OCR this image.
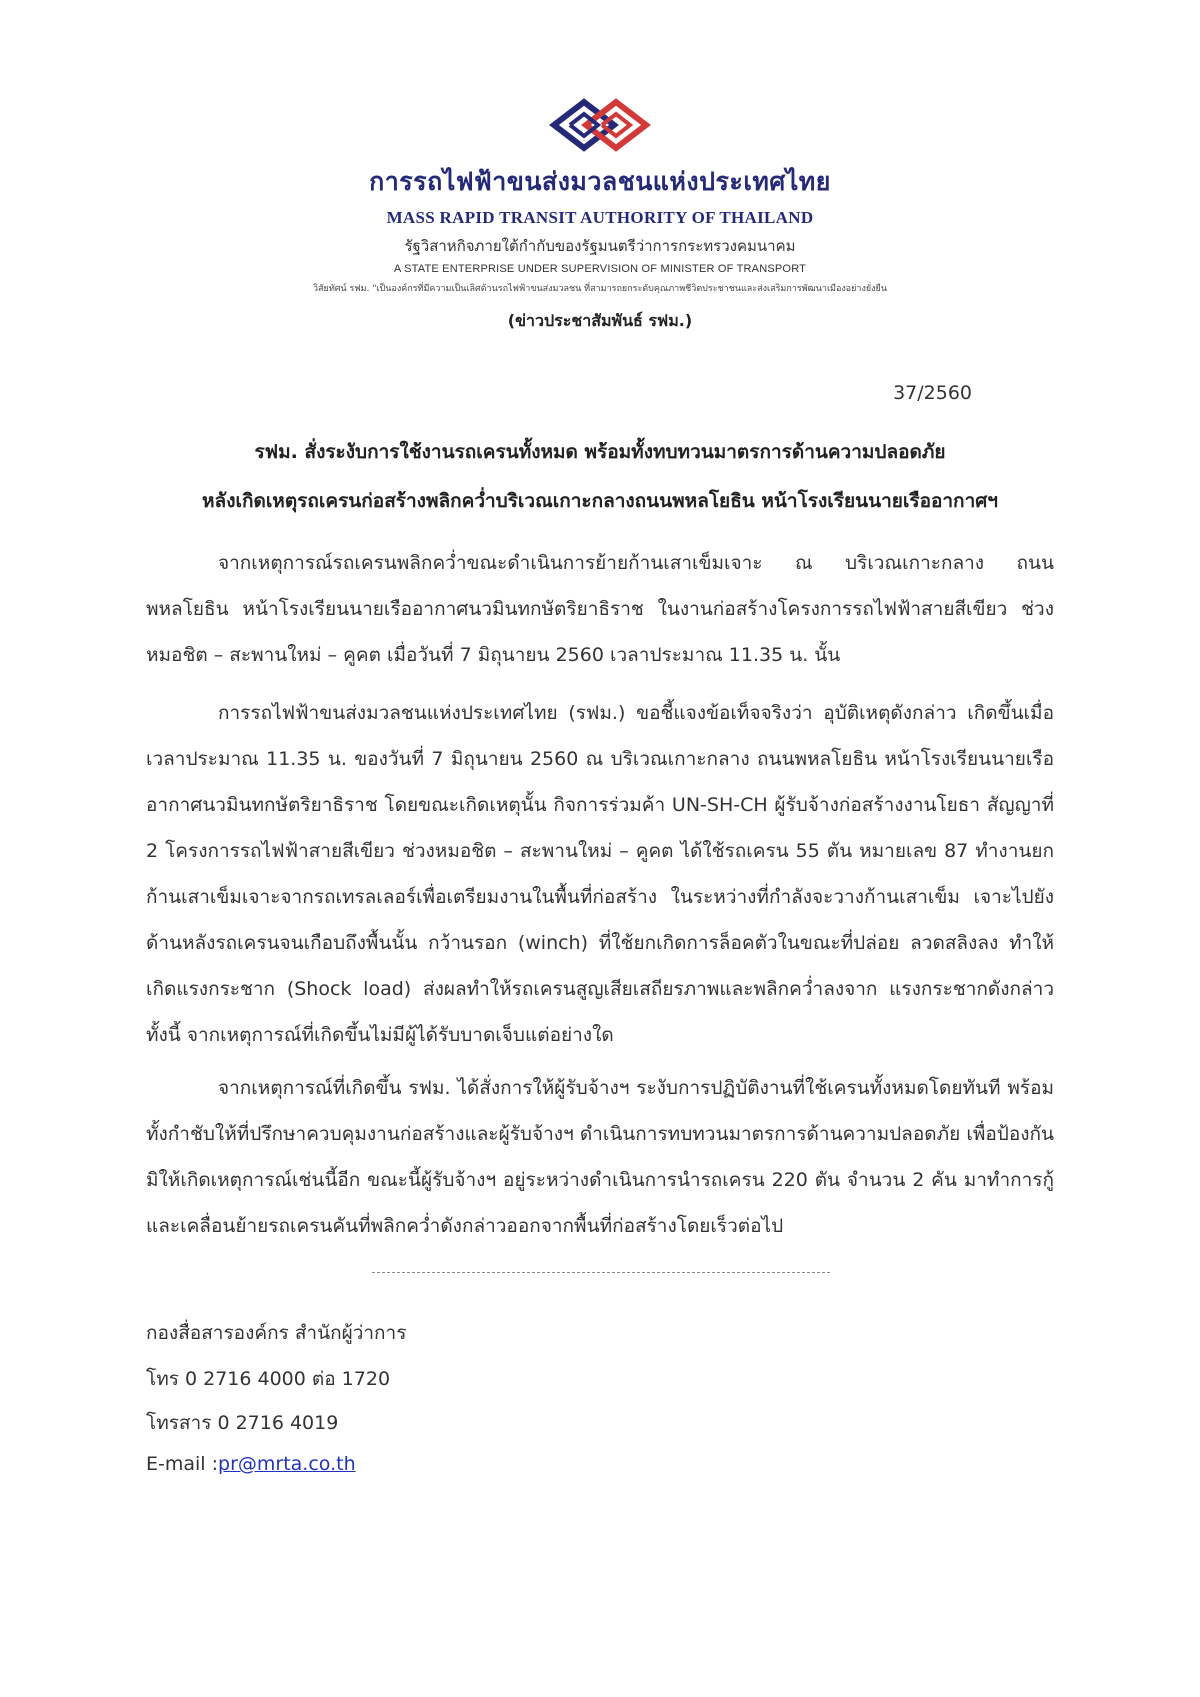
การรถไฟฟ้าขนส่งมวลชนแห่งประเทศไทย
MASS RAPID TRANSIT AUTHORITY OF THAILAND
รัฐวิสาหกิจภายใต้กำกับของรัฐมนตรีว่าการกระทรวงคมนาคม
A STATE ENTERPRISE UNDER SUPERVISION OF MINISTER OF TRANSPORT
วิสัยทัศน์ รฟม. "เป็นองค์กรที่มีความเป็นเลิศด้านรถไฟฟ้าขนส่งมวลชน ที่สามารถยกระดับคุณภาพชีวิตประชาชนและส่งเสริมการพัฒนาเมืองอย่างยั่งยืน
(ข่าวประชาสัมพันธ์ รฟม.)
37/2560
รฟม. สั่งระงับการใช้งานรถเครนทั้งหมด พร้อมทั้งทบทวนมาตรการด้านความปลอดภัย
หลังเกิดเหตุรถเครนก่อสร้างพลิกคว่ำบริเวณเกาะกลางถนนพหลโยธิน หน้าโรงเรียนนายเรืออากาศฯ

จากเหตุการณ์รถเครนพลิกคว่ำขณะดำเนินการย้ายก้านเสาเข็มเจาะ ณ บริเวณเกาะกลาง ถนนพหลโยธิน หน้าโรงเรียนนายเรืออากาศนวมินทกษัตริยาธิราช ในงานก่อสร้างโครงการรถไฟฟ้าสายสีเขียว ช่วงหมอชิต – สะพานใหม่ – คูคต เมื่อวันที่ 7 มิถุนายน 2560 เวลาประมาณ 11.35 น. นั้น

การรถไฟฟ้าขนส่งมวลชนแห่งประเทศไทย (รฟม.) ขอชี้แจงข้อเท็จจริงว่า อุบัติเหตุดังกล่าว เกิดขึ้นเมื่อ เวลาประมาณ 11.35 น. ของวันที่ 7 มิถุนายน 2560 ณ บริเวณเกาะกลาง ถนนพหลโยธิน หน้าโรงเรียนนายเรือ อากาศนวมินทกษัตริยาธิราช โดยขณะเกิดเหตุนั้น กิจการร่วมค้า UN-SH-CH ผู้รับจ้างก่อสร้างงานโยธา สัญญาที่ 2 โครงการรถไฟฟ้าสายสีเขียว ช่วงหมอชิต – สะพานใหม่ – คูคต ได้ใช้รถเครน 55 ตัน หมายเลข 87 ทำงานยกก้านเสาเข็มเจาะจากรถเทรลเลอร์เพื่อเตรียมงานในพื้นที่ก่อสร้าง ในระหว่างที่กำลังจะวางก้านเสาเข็ม เจาะไปยังด้านหลังรถเครนจนเกือบถึงพื้นนั้น กว้านรอก (winch) ที่ใช้ยกเกิดการล็อคตัวในขณะที่ปล่อย ลวดสลิงลง ทำให้เกิดแรงกระชาก (Shock load) ส่งผลทำให้รถเครนสูญเสียเสถียรภาพและพลิกคว่ำลงจาก แรงกระชากดังกล่าว ทั้งนี้ จากเหตุการณ์ที่เกิดขึ้นไม่มีผู้ได้รับบาดเจ็บแต่อย่างใด

จากเหตุการณ์ที่เกิดขึ้น รฟม. ได้สั่งการให้ผู้รับจ้างฯ ระงับการปฏิบัติงานที่ใช้เครนทั้งหมดโดยทันที พร้อมทั้งกำชับให้ที่ปรึกษาควบคุมงานก่อสร้างและผู้รับจ้างฯ ดำเนินการทบทวนมาตรการด้านความปลอดภัย เพื่อป้องกันมิให้เกิดเหตุการณ์เช่นนี้อีก ขณะนี้ผู้รับจ้างฯ อยู่ระหว่างดำเนินการนำรถเครน 220 ตัน จำนวน 2 คัน มาทำการกู้และเคลื่อนย้ายรถเครนคันที่พลิกคว่ำดังกล่าวออกจากพื้นที่ก่อสร้างโดยเร็วต่อไป

กองสื่อสารองค์กร สำนักผู้ว่าการ
โทร 0 2716 4000 ต่อ 1720
โทรสาร 0 2716 4019
E-mail :pr@mrta.co.th
